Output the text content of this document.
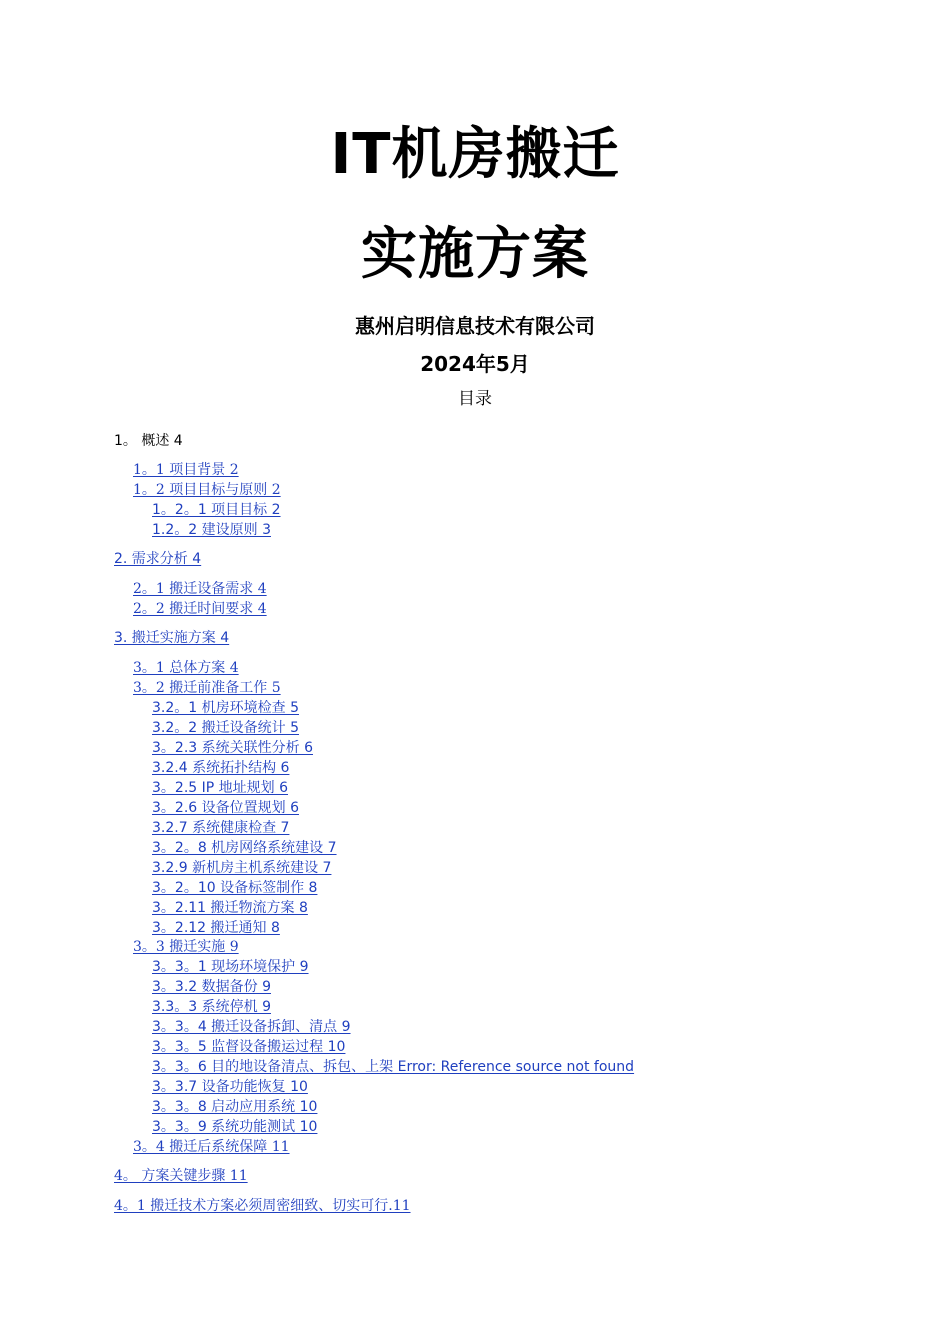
IT机房搬迁
实施方案
惠州启明信息技术有限公司
2024年5月
目录
1。 概述 4
1。1 项目背景 2
1。2 项目目标与原则 2
1。2。1 项目目标 2
1.2。2 建设原则 3
2. 需求分析 4
2。1 搬迁设备需求 4
2。2 搬迁时间要求 4
3. 搬迁实施方案 4
3。1 总体方案 4
3。2 搬迁前准备工作 5
3.2。1 机房环境检查 5
3.2。2 搬迁设备统计 5
3。2.3 系统关联性分析 6
3.2.4 系统拓扑结构 6
3。2.5 IP 地址规划 6
3。2.6 设备位置规划 6
3.2.7 系统健康检查 7
3。2。8 机房网络系统建设 7
3.2.9 新机房主机系统建设 7
3。2。10 设备标签制作 8
3。2.11 搬迁物流方案 8
3。2.12 搬迁通知 8
3。3 搬迁实施 9
3。3。1 现场环境保护 9
3。3.2 数据备份 9
3.3。3 系统停机 9
3。3。4 搬迁设备拆卸、清点 9
3。3。5 监督设备搬运过程 10
3。3。6 目的地设备清点、拆包、上架 Error: Reference source not found
3。3.7 设备功能恢复 10
3。3。8 启动应用系统 10
3。3。9 系统功能测试 10
3。4 搬迁后系统保障 11
4。 方案关键步骤 11
4。1 搬迁技术方案必须周密细致、切实可行.11
